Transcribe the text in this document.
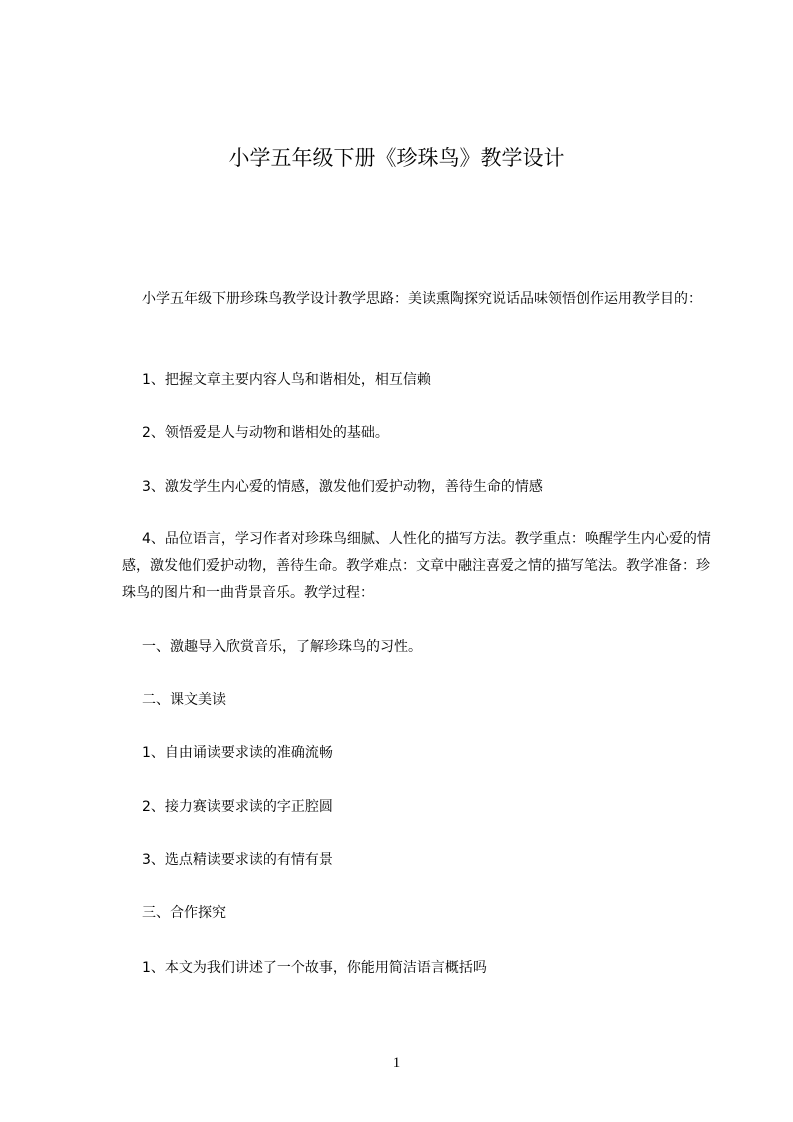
小学五年级下册《珍珠鸟》教学设计

小学五年级下册珍珠鸟教学设计教学思路：美读熏陶探究说话品味领悟创作运用教学目的：

1、把握文章主要内容人鸟和谐相处，相互信赖

2、领悟爱是人与动物和谐相处的基础。

3、激发学生内心爱的情感，激发他们爱护动物，善待生命的情感

4、品位语言，学习作者对珍珠鸟细腻、人性化的描写方法。教学重点：唤醒学生内心爱的情感，激发他们爱护动物，善待生命。教学难点：文章中融注喜爱之情的描写笔法。教学准备：珍珠鸟的图片和一曲背景音乐。教学过程：

一、激趣导入欣赏音乐，了解珍珠鸟的习性。

二、课文美读

1、自由诵读要求读的准确流畅

2、接力赛读要求读的字正腔圆

3、选点精读要求读的有情有景

三、合作探究

1、本文为我们讲述了一个故事，你能用简洁语言概括吗

1
